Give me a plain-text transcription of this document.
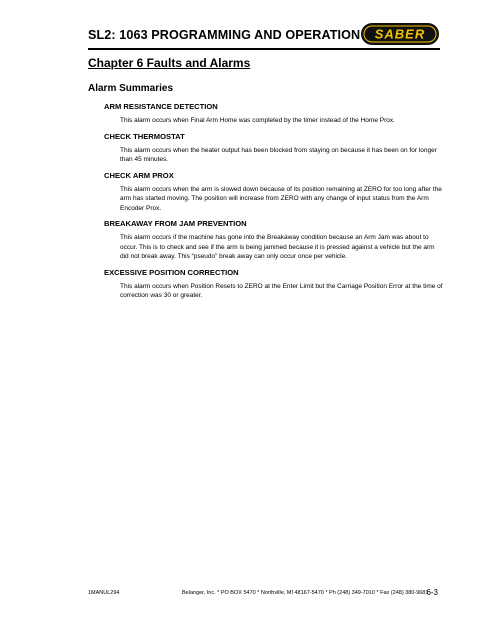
SL2: 1063 PROGRAMMING AND OPERATION SABER
Chapter 6 Faults and Alarms
Alarm Summaries

ARM RESISTANCE DETECTION

This alarm occurs when Final Arm Home was completed by the timer instead of the Home Prox.

CHECK THERMOSTAT

This alarm occurs when the heater output has been blocked from staying on because it has been on for longer than 45 minutes.

CHECK ARM PROX

This alarm occurs when the arm is slowed down because of its position remaining at ZERO for too long after the arm has started moving. The position will increase from ZERO with any change of input status from the Arm Encoder Prox.

BREAKAWAY FROM JAM PREVENTION

This alarm occurs if the machine has gone into the Breakaway condition because an Arm Jam was about to occur. This is to check and see if the arm is being jammed because it is pressed against a vehicle but the arm did not break away. This “pseudo” break away can only occur once per vehicle.

EXCESSIVE POSITION CORRECTION

This alarm occurs when Position Resets to ZERO at the Enter Limit but the Carriage Position Error at the time of correction was 30 or greater.

1MANUL294	Belanger, Inc. * PO BOX 5470 * Northville, MI 48167-5470 * Ph (248) 349-7010 * Fax (248) 380-9681
6-3
